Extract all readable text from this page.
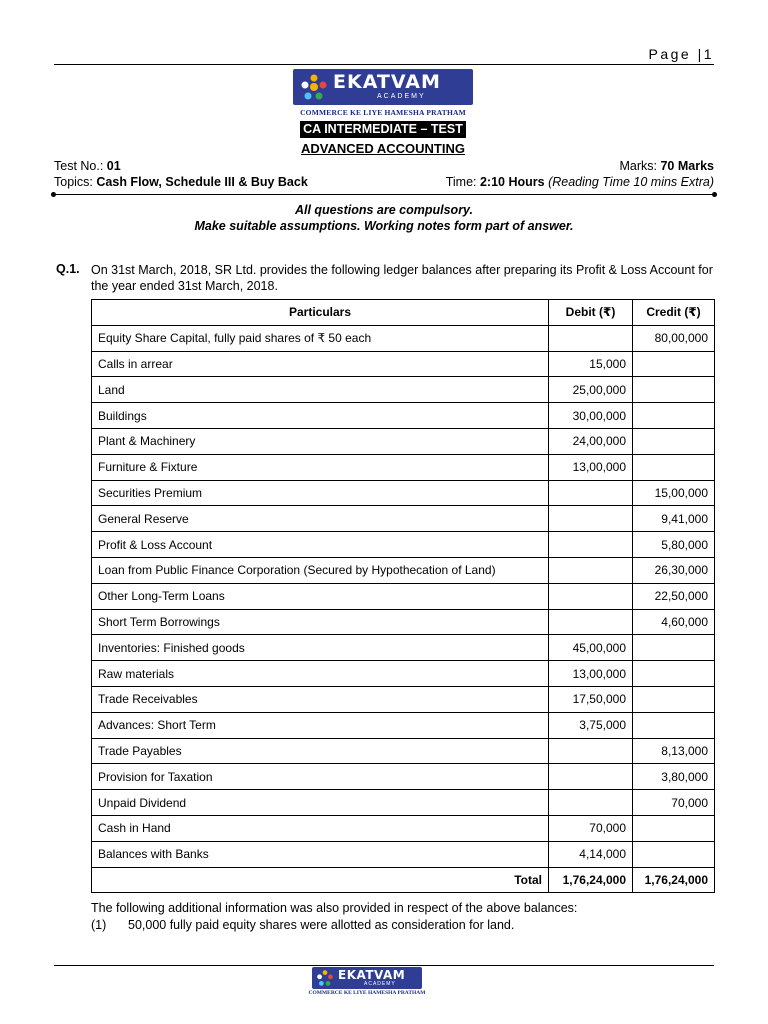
Page |1
EKATVAM
ACADEMY
COMMERCE KE LIYE HAMESHA PRATHAM
CA INTERMEDIATE – TEST
ADVANCED ACCOUNTING
Test No.: 01	Marks: 70 Marks
Topics: Cash Flow, Schedule III & Buy Back	Time: 2:10 Hours (Reading Time 10 mins Extra)
All questions are compulsory.
Make suitable assumptions. Working notes form part of answer.
Q.1. On 31st March, 2018, SR Ltd. provides the following ledger balances after preparing its Profit & Loss Account for the year ended 31st March, 2018.
Particulars	Debit (₹)	Credit (₹)
Equity Share Capital, fully paid shares of ₹ 50 each		80,00,000
Calls in arrear	15,000	
Land	25,00,000	
Buildings	30,00,000	
Plant & Machinery	24,00,000	
Furniture & Fixture	13,00,000	
Securities Premium		15,00,000
General Reserve		9,41,000
Profit & Loss Account		5,80,000
Loan from Public Finance Corporation (Secured by Hypothecation of Land)		26,30,000
Other Long-Term Loans		22,50,000
Short Term Borrowings		4,60,000
Inventories: Finished goods	45,00,000	
Raw materials	13,00,000	
Trade Receivables	17,50,000	
Advances: Short Term	3,75,000	
Trade Payables		8,13,000
Provision for Taxation		3,80,000
Unpaid Dividend		70,000
Cash in Hand	70,000	
Balances with Banks	4,14,000	
Total	1,76,24,000	1,76,24,000
The following additional information was also provided in respect of the above balances:
(1) 50,000 fully paid equity shares were allotted as consideration for land.
EKATVAM
ACADEMY
COMMERCE KE LIYE HAMESHA PRATHAM
